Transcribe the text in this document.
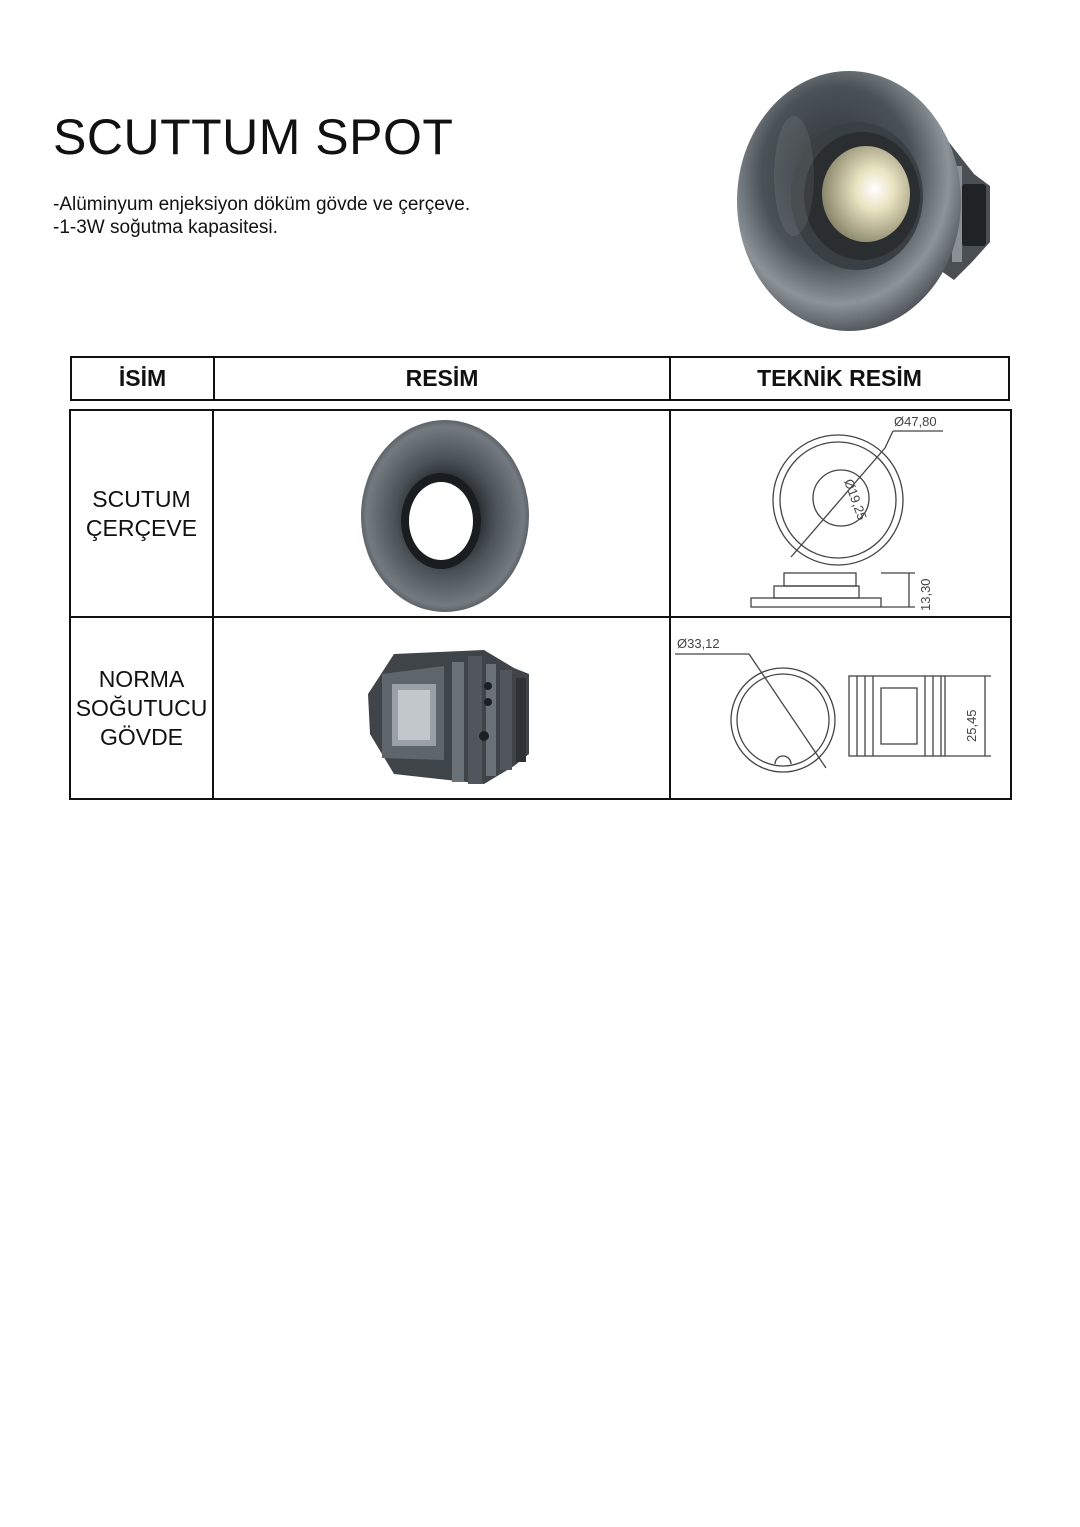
SCUTTUM SPOT
-Alüminyum enjeksiyon döküm gövde ve çerçeve.
-1-3W soğutma kapasitesi.
İSİM	RESİM	TEKNİK RESİM
SCUTUM
ÇERÇEVE
Ø47,80
Ø19,25
13,30
NORMA
SOĞUTUCU
GÖVDE
Ø33,12
25,45
